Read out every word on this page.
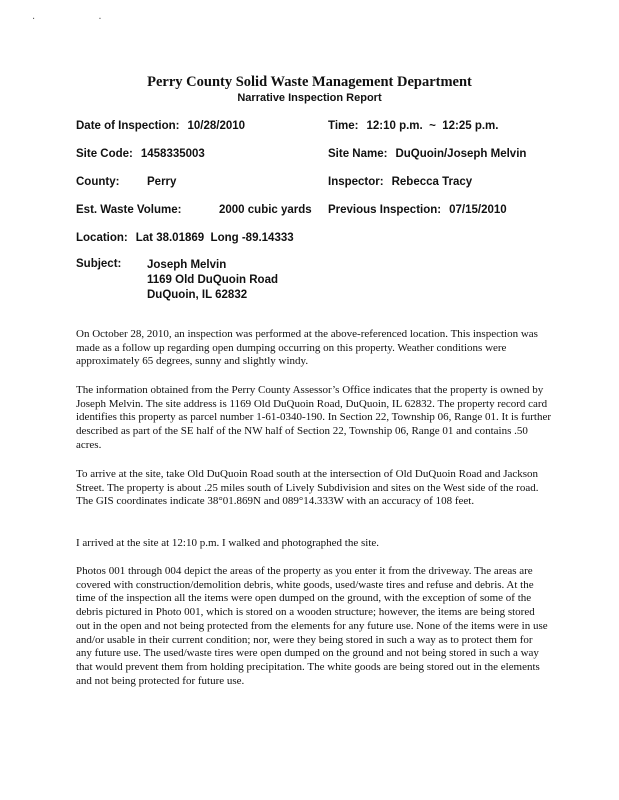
· ·
Perry County Solid Waste Management Department
Narrative Inspection Report
Date of Inspection: 10/28/2010	Time: 12:10 p.m.  ~  12:25 p.m.
Site Code: 1458335003	Site Name: DuQuoin/Joseph Melvin
County: Perry	Inspector: Rebecca Tracy
Est. Waste Volume:	2000 cubic yards Previous Inspection: 07/15/2010
Location: Lat 38.01869  Long -89.14333
Subject: Joseph Melvin
1169 Old DuQuoin Road
DuQuoin, IL 62832
On October 28, 2010, an inspection was performed at the above-referenced location. This inspection was made as a follow up regarding open dumping occurring on this property. Weather conditions were approximately 65 degrees, sunny and slightly windy.
The information obtained from the Perry County Assessor’s Office indicates that the property is owned by Joseph Melvin. The site address is 1169 Old DuQuoin Road, DuQuoin, IL 62832. The property record card identifies this property as parcel number 1-61-0340-190. In Section 22, Township 06, Range 01. It is further described as part of the SE half of the NW half of Section 22, Township 06, Range 01 and contains .50 acres.
To arrive at the site, take Old DuQuoin Road south at the intersection of Old DuQuoin Road and Jackson Street. The property is about .25 miles south of Lively Subdivision and sites on the West side of the road. The GIS coordinates indicate 38°01.869N and 089°14.333W with an accuracy of 108 feet.
I arrived at the site at 12:10 p.m. I walked and photographed the site.
Photos 001 through 004 depict the areas of the property as you enter it from the driveway. The areas are covered with construction/demolition debris, white goods, used/waste tires and refuse and debris. At the time of the inspection all the items were open dumped on the ground, with the exception of some of the debris pictured in Photo 001, which is stored on a wooden structure; however, the items are being stored out in the open and not being protected from the elements for any future use. None of the items were in use and/or usable in their current condition; nor, were they being stored in such a way as to protect them for any future use. The used/waste tires were open dumped on the ground and not being stored in such a way that would prevent them from holding precipitation. The white goods are being stored out in the elements and not being protected for future use.
